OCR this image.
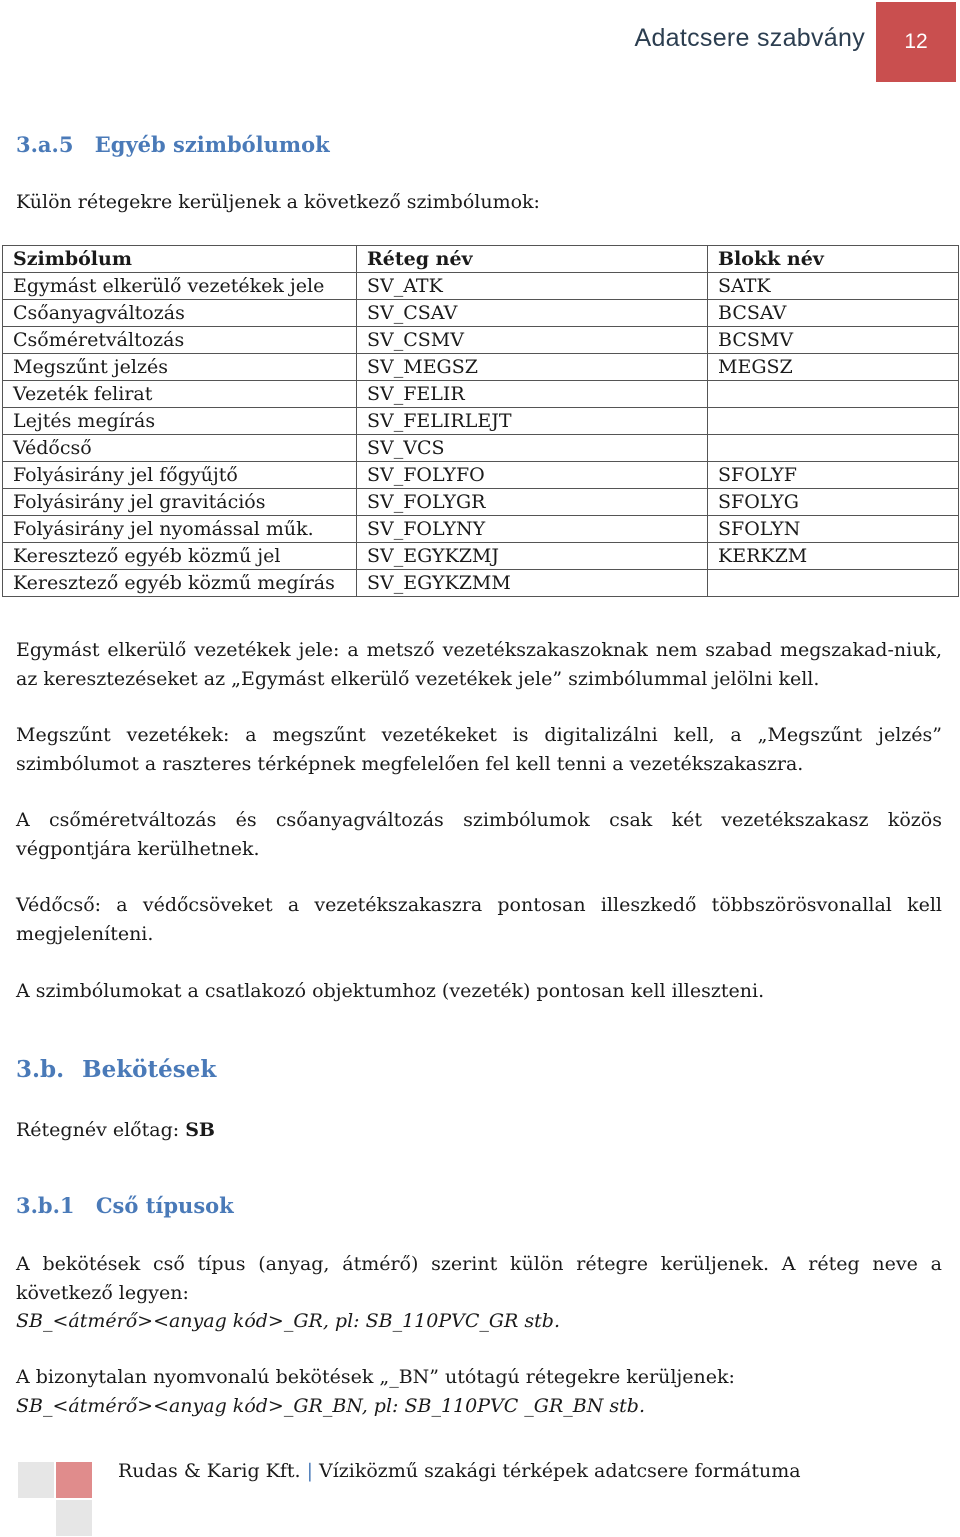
Adatcsere szabvány 12
3.a.5 Egyéb szimbólumok

Külön rétegekre kerüljenek a következő szimbólumok:

Szimbólum	Réteg név	Blokk név
Egymást elkerülő vezetékek jele	SV_ATK	SATK
Csőanyagváltozás	SV_CSAV	BCSAV
Csőméretváltozás	SV_CSMV	BCSMV
Megszűnt jelzés	SV_MEGSZ	MEGSZ
Vezeték felirat	SV_FELIR	
Lejtés megírás	SV_FELIRLEJT	
Védőcső	SV_VCS	
Folyásirány jel főgyűjtő	SV_FOLYFO	SFOLYF
Folyásirány jel gravitációs	SV_FOLYGR	SFOLYG
Folyásirány jel nyomással műk.	SV_FOLYNY	SFOLYN
Keresztező egyéb közmű jel	SV_EGYKZMJ	KERKZM
Keresztező egyéb közmű megírás	SV_EGYKZMM	

Egymást elkerülő vezetékek jele: a metsző vezetékszakaszoknak nem szabad megszakad-niuk, az keresztezéseket az „Egymást elkerülő vezetékek jele” szimbólummal jelölni kell.

Megszűnt vezetékek: a megszűnt vezetékeket is digitalizálni kell, a „Megszűnt jelzés” szimbólumot a raszteres térképnek megfelelően fel kell tenni a vezetékszakaszra.

A csőméretváltozás és csőanyagváltozás szimbólumok csak két vezetékszakasz közös végpontjára kerülhetnek.

Védőcső: a védőcsöveket a vezetékszakaszra pontosan illeszkedő többszörösvonallal kell megjeleníteni.

A szimbólumokat a csatlakozó objektumhoz (vezeték) pontosan kell illeszteni.

3.b. Bekötések

Rétegnév előtag: SB

3.b.1 Cső típusok

A bekötések cső típus (anyag, átmérő) szerint külön rétegre kerüljenek. A réteg neve a következő legyen:

SB_<átmérő><anyag kód>_GR, pl: SB_110PVC_GR stb.

A bizonytalan nyomvonalú bekötések „_BN” utótagú rétegekre kerüljenek:

SB_<átmérő><anyag kód>_GR_BN, pl: SB_110PVC _GR_BN stb.

Rudas & Karig Kft. | Víziközmű szakági térképek adatcsere formátuma
